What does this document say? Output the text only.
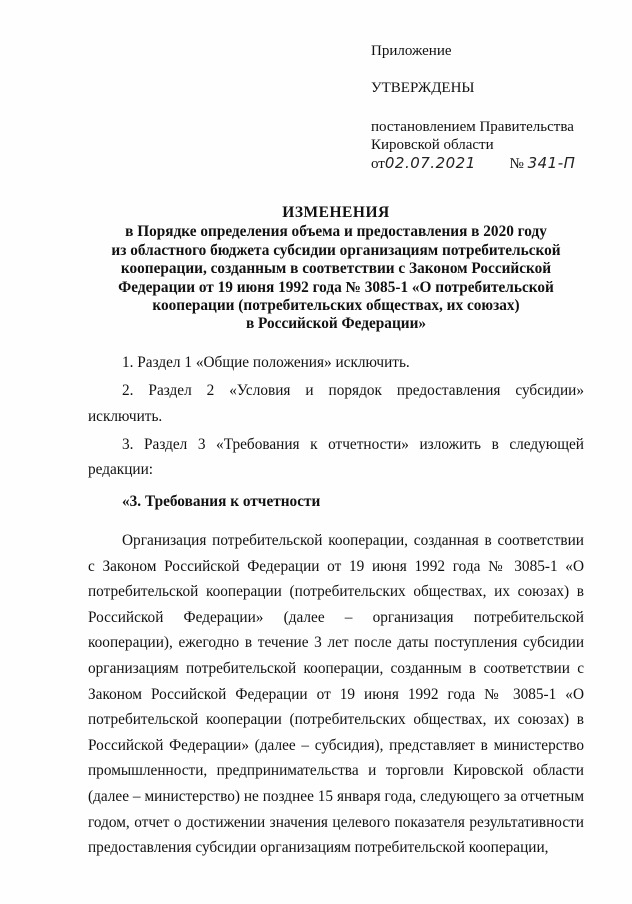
Приложение
УТВЕРЖДЕНЫ
постановлением Правительства
Кировской области
от02.07.2021 № 341-П
ИЗМЕНЕНИЯ
в Порядке определения объема и предоставления в 2020 году
из областного бюджета субсидии организациям потребительской
кооперации, созданным в соответствии с Законом Российской
Федерации от 19 июня 1992 года № 3085-1 «О потребительской
кооперации (потребительских обществах, их союзах)
в Российской Федерации»

1. Раздел 1 «Общие положения» исключить.

2. Раздел 2 «Условия и порядок предоставления субсидии» исключить.

3. Раздел 3 «Требования к отчетности» изложить в следующей редакции:

«3. Требования к отчетности

Организация потребительской кооперации, созданная в соответствии с Законом Российской Федерации от 19 июня 1992 года № 3085-1 «О потребительской кооперации (потребительских обществах, их союзах) в Российской Федерации» (далее – организация потребительской кооперации), ежегодно в течение 3 лет после даты поступления субсидии организациям потребительской кооперации, созданным в соответствии с Законом Российской Федерации от 19 июня 1992 года № 3085-1 «О потребительской кооперации (потребительских обществах, их союзах) в Российской Федерации» (далее – субсидия), представляет в министерство промышленности, предпринимательства и торговли Кировской области (далее – министерство) не позднее 15 января года, следующего за отчетным годом, отчет о достижении значения целевого показателя результативности предоставления субсидии организациям потребительской кооперации,
